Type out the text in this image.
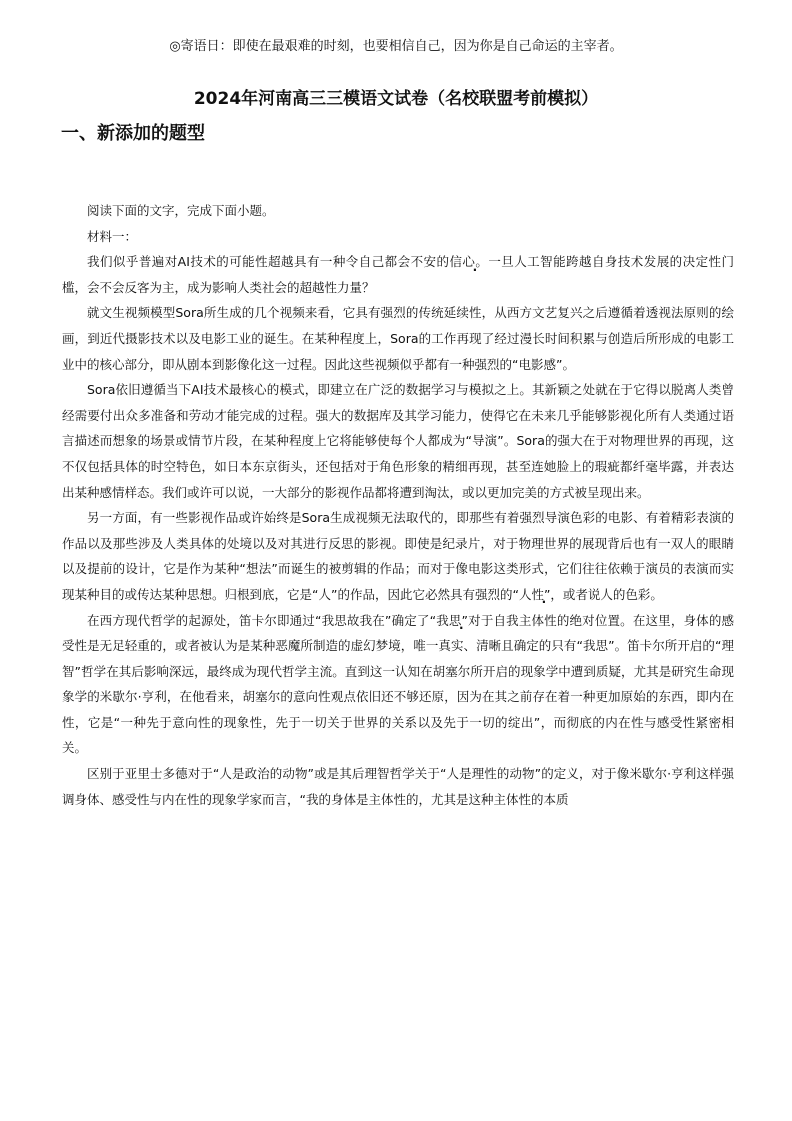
◎寄语日：即使在最艰难的时刻，也要相信自己，因为你是自己命运的主宰者。
2024年河南高三三模语文试卷（名校联盟考前模拟）
一、新添加的题型

阅读下面的文字，完成下面小题。

材料一：

我们似乎普遍对AI技术的可能性超越具有一种令自己都会不安的信心。一旦人工智能跨越自身技术发展的决定性门槛，会不会反客为主，成为影响人类社会的超越性力量？

就文生视频模型Sora所生成的几个视频来看，它具有强烈的传统延续性，从西方文艺复兴之后遵循着透视法原则的绘画，到近代摄影技术以及电影工业的诞生。在某种程度上，Sora的工作再现了经过漫长时间积累与创造后所形成的电影工业中的核心部分，即从剧本到影像化这一过程。因此这些视频似乎都有一种强烈的“电影感”。

Sora依旧遵循当下AI技术最核心的模式，即建立在广泛的数据学习与模拟之上。其新颖之处就在于它得以脱离人类曾经需要付出众多准备和劳动才能完成的过程。强大的数据库及其学习能力，使得它在未来几乎能够影视化所有人类通过语言描述而想象的场景或情节片段，在某种程度上它将能够使每个人都成为“导演”。Sora的强大在于对物理世界的再现，这不仅包括具体的时空特色，如日本东京街头，还包括对于角色形象的精细再现，甚至连她脸上的瑕疵都纤毫毕露，并表达出某种感情样态。我们或许可以说，一大部分的影视作品都将遭到淘汰，或以更加完美的方式被呈现出来。

另一方面，有一些影视作品或许始终是Sora生成视频无法取代的，即那些有着强烈导演色彩的电影、有着精彩表演的作品以及那些涉及人类具体的处境以及对其进行反思的影视。即使是纪录片，对于物理世界的展现背后也有一双人的眼睛以及提前的设计，它是作为某种“想法”而诞生的被剪辑的作品；而对于像电影这类形式，它们往往依赖于演员的表演而实现某种目的或传达某种思想。归根到底，它是“人”的作品，因此它必然具有强烈的“人性”，或者说人的色彩。

在西方现代哲学的起源处，笛卡尔即通过“我思故我在”确定了“我思”对于自我主体性的绝对位置。在这里，身体的感受性是无足轻重的，或者被认为是某种恶魔所制造的虚幻梦境，唯一真实、清晰且确定的只有“我思”。笛卡尔所开启的“理智”哲学在其后影响深远，最终成为现代哲学主流。直到这一认知在胡塞尔所开启的现象学中遭到质疑，尤其是研究生命现象学的米歇尔·亨利，在他看来，胡塞尔的意向性观点依旧还不够还原，因为在其之前存在着一种更加原始的东西，即内在性，它是“一种先于意向性的现象性，先于一切关于世界的关系以及先于一切的绽出”，而彻底的内在性与感受性紧密相关。

区别于亚里士多德对于“人是政治的动物”或是其后理智哲学关于“人是理性的动物”的定义，对于像米歇尔·亨利这样强调身体、感受性与内在性的现象学家而言，“我的身体是主体性的，尤其是这种主体性的本质
